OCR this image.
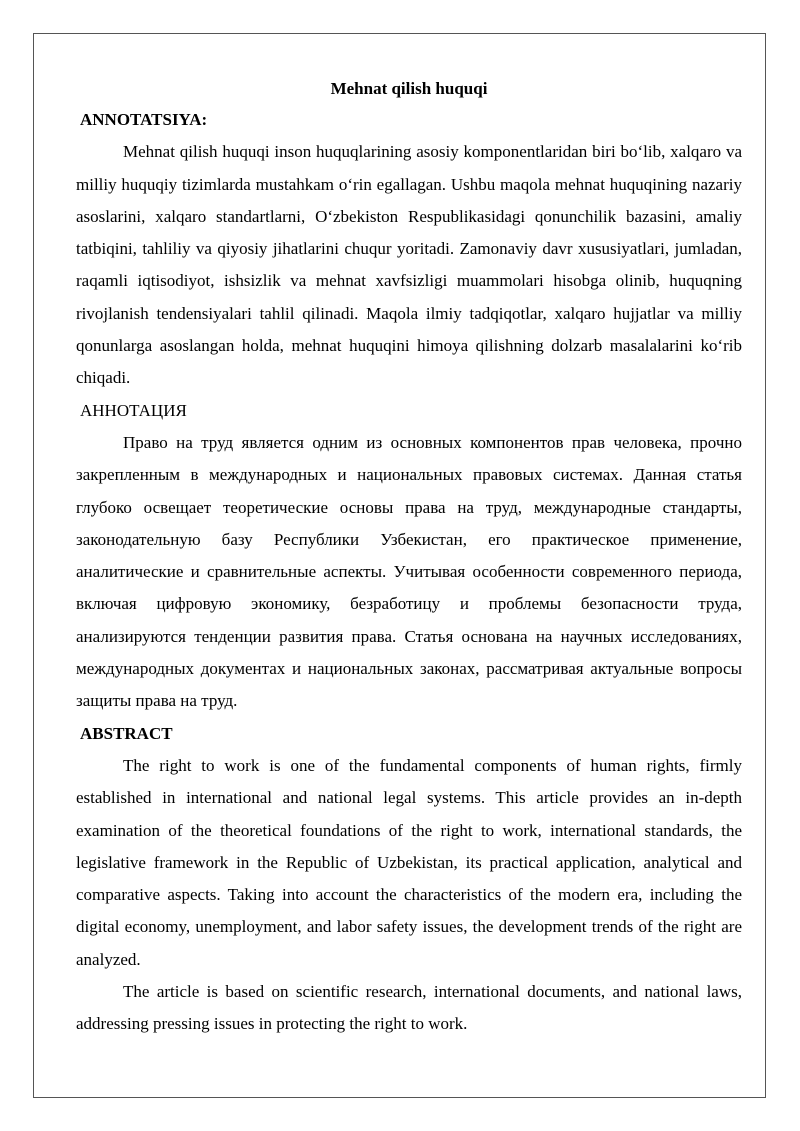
Mehnat qilish huquqi

ANNOTATSIYA:

Mehnat qilish huquqi inson huquqlarining asosiy komponentlaridan biri bo‘lib, xalqaro va milliy huquqiy tizimlarda mustahkam o‘rin egallagan. Ushbu maqola mehnat huquqining nazariy asoslarini, xalqaro standartlarni, O‘zbekiston Respublikasidagi qonunchilik bazasini, amaliy tatbiqini, tahliliy va qiyosiy jihatlarini chuqur yoritadi. Zamonaviy davr xususiyatlari, jumladan, raqamli iqtisodiyot, ishsizlik va mehnat xavfsizligi muammolari hisobga olinib, huquqning rivojlanish tendensiyalari tahlil qilinadi. Maqola ilmiy tadqiqotlar, xalqaro hujjatlar va milliy qonunlarga asoslangan holda, mehnat huquqini himoya qilishning dolzarb masalalarini ko‘rib chiqadi.

АННОТАЦИЯ

Право на труд является одним из основных компонентов прав человека, прочно закрепленным в международных и национальных правовых системах. Данная статья глубоко освещает теоретические основы права на труд, международные стандарты, законодательную базу Республики Узбекистан, его практическое применение, аналитические и сравнительные аспекты. Учитывая особенности современного периода, включая цифровую экономику, безработицу и проблемы безопасности труда, анализируются тенденции развития права. Статья основана на научных исследованиях, международных документах и национальных законах, рассматривая актуальные вопросы защиты права на труд.

ABSTRACT

The right to work is one of the fundamental components of human rights, firmly established in international and national legal systems. This article provides an in-depth examination of the theoretical foundations of the right to work, international standards, the legislative framework in the Republic of Uzbekistan, its practical application, analytical and comparative aspects. Taking into account the characteristics of the modern era, including the digital economy, unemployment, and labor safety issues, the development trends of the right are analyzed.

The article is based on scientific research, international documents, and national laws, addressing pressing issues in protecting the right to work.
